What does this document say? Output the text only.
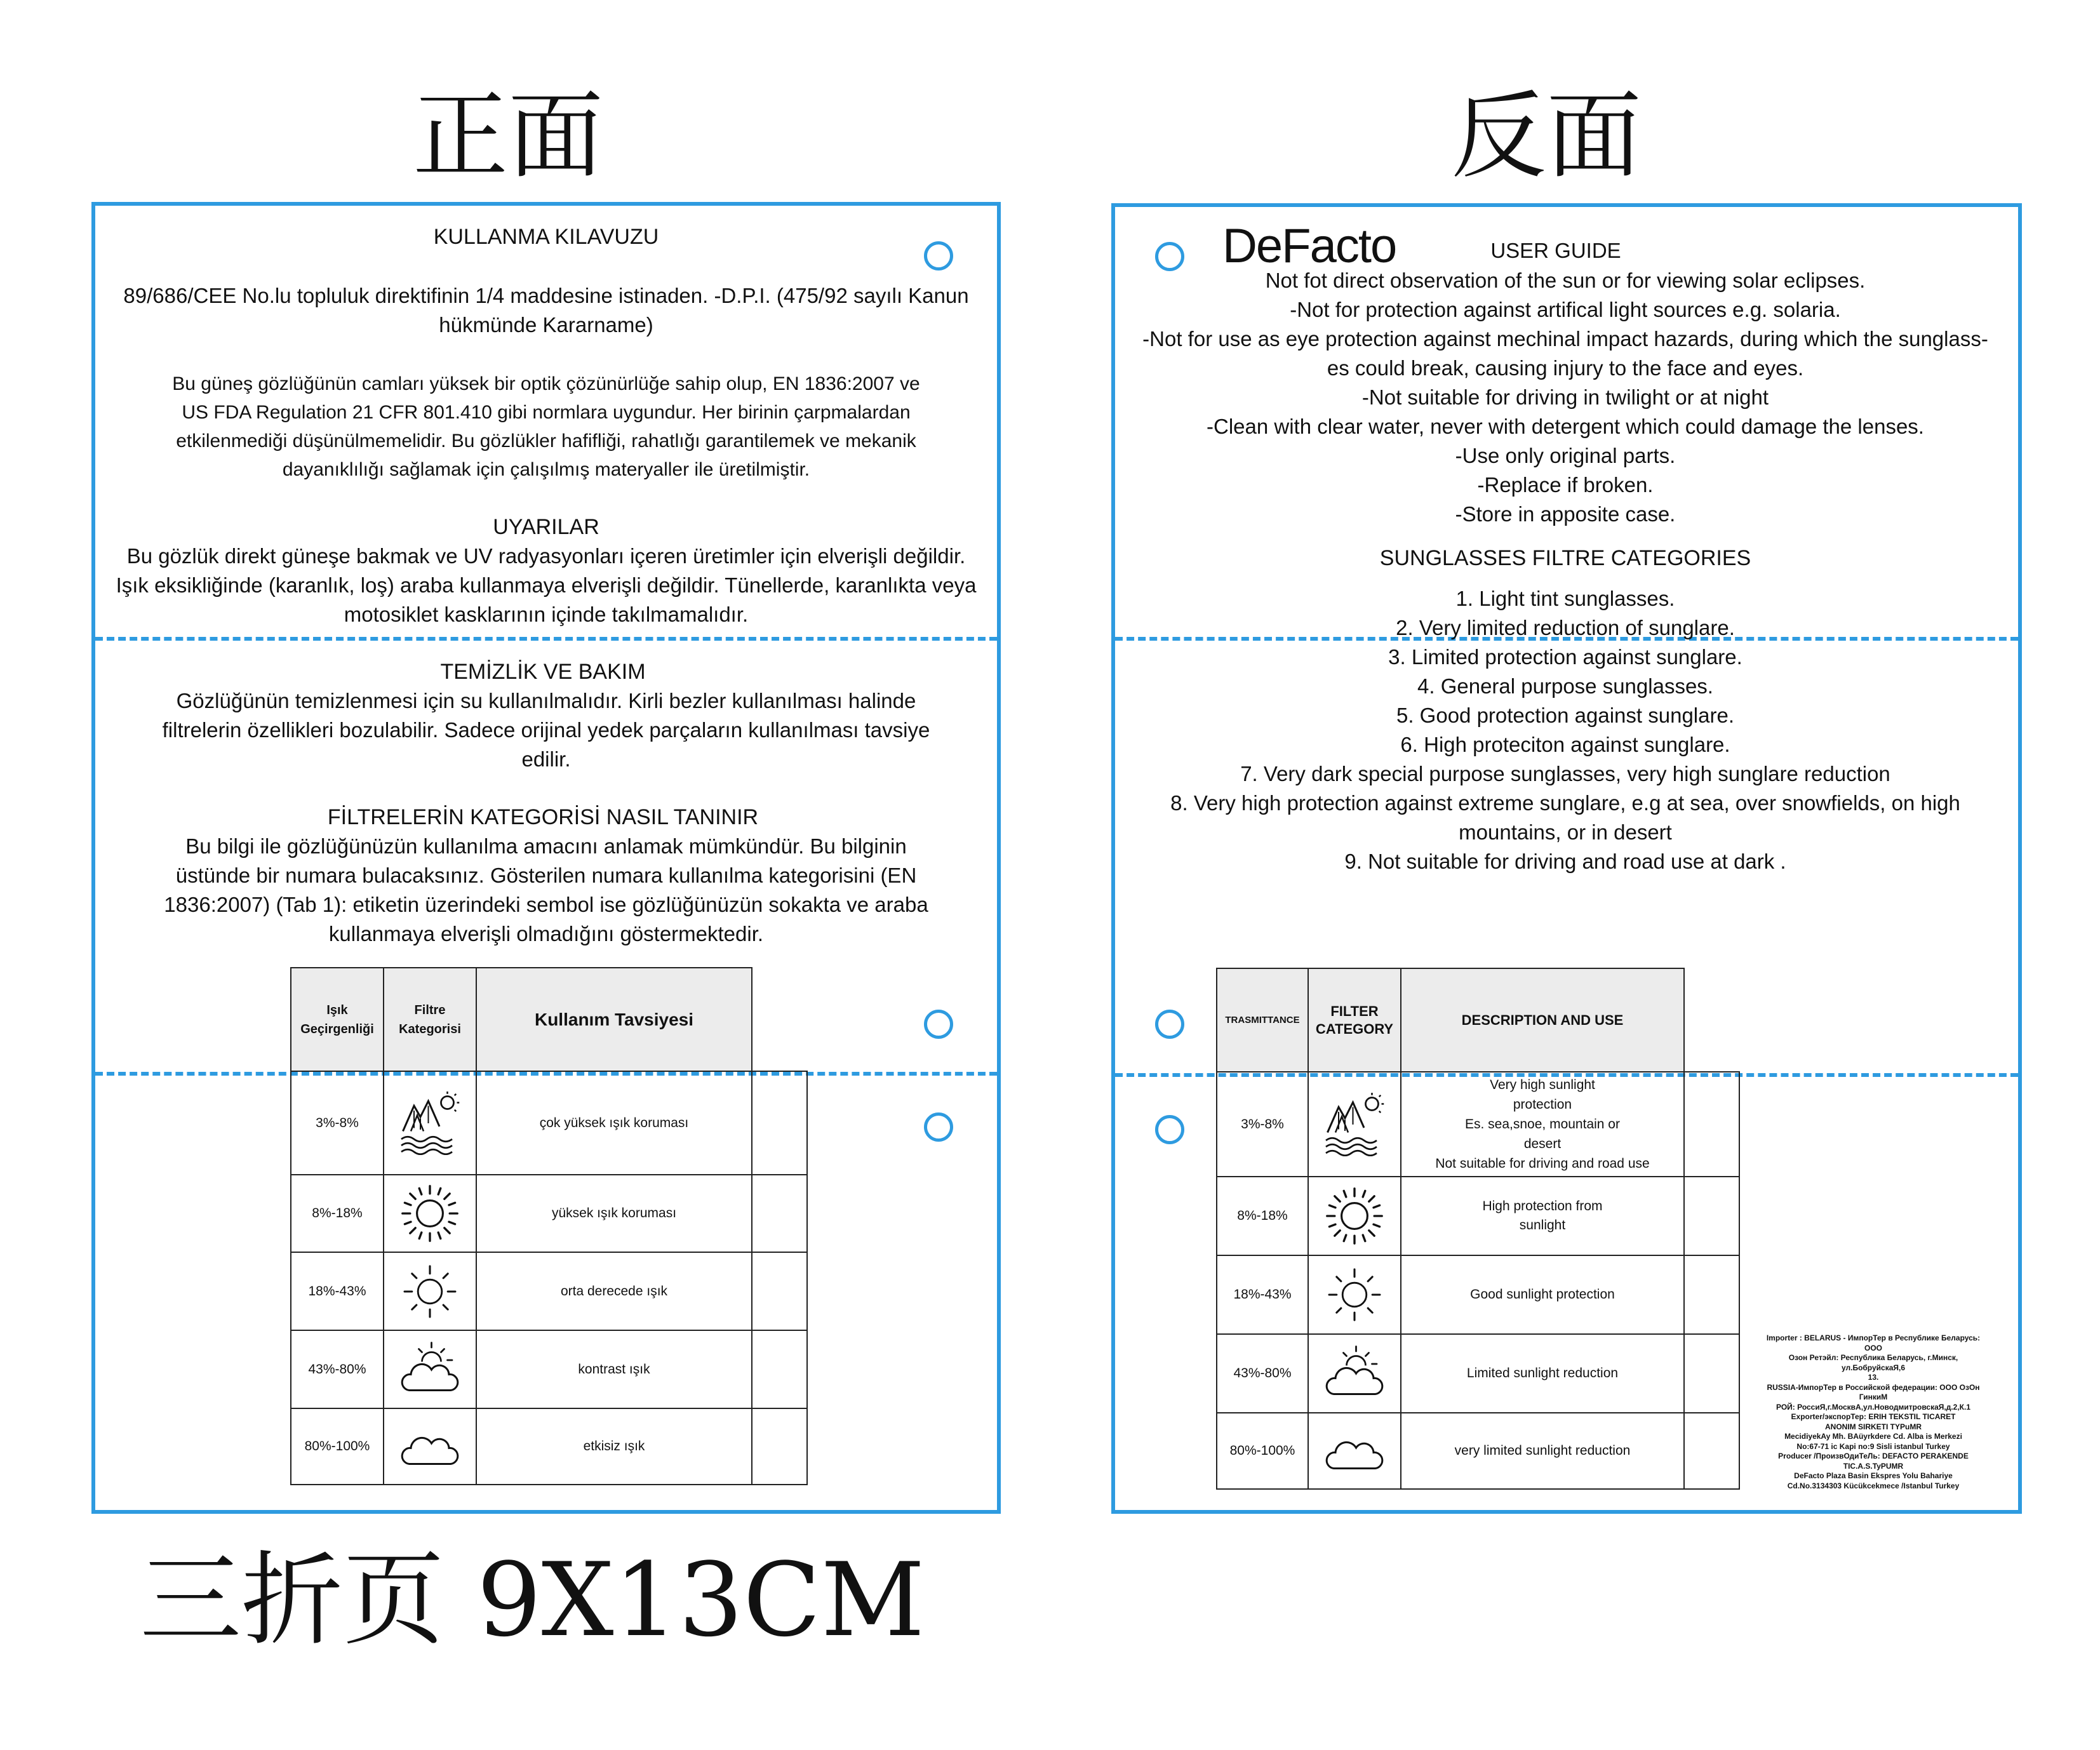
正面	反面
三折页 9X13CM
KULLANMA KILAVUZU
89/686/CEE No.lu topluluk direktifinin 1/4 maddesine istinaden. -D.P.I. (475/92 sayılı Kanun hükmünde Kararname)
Bu güneş gözlüğünün camları yüksek bir optik çözünürlüğe sahip olup, EN 1836:2007 ve US FDA Regulation 21 CFR 801.410 gibi normlara uygundur. Her birinin çarpmalardan etkilenmediği düşünülmemelidir. Bu gözlükler hafifliği, rahatlığı garantilemek ve mekanik dayanıklılığı sağlamak için çalışılmış materyaller ile üretilmiştir.
UYARILAR
Bu gözlük direkt güneşe bakmak ve UV radyasyonları içeren üretimler için elverişli değildir. Işık eksikliğinde (karanlık, loş) araba kullanmaya elverişli değildir. Tünellerde, karanlıkta veya motosiklet kasklarının içinde takılmamalıdır.
TEMİZLİK VE BAKIM
Gözlüğünün temizlenmesi için su kullanılmalıdır. Kirli bezler kullanılması halinde filtrelerin özellikleri bozulabilir. Sadece orijinal yedek parçaların kullanılması tavsiye edilir.
FİLTRELERİN KATEGORİSİ NASIL TANINIR
Bu bilgi ile gözlüğünüzün kullanılma amacını anlamak mümkündür. Bu bilginin üstünde bir numara bulacaksınız. Gösterilen numara kullanılma kategorisini (EN 1836:2007) (Tab 1): etiketin üzerindeki sembol ise gözlüğünüzün sokakta ve araba kullanmaya elverişli olmadığını göstermektedir.
Işık Geçirgenliği	Filtre Kategorisi	Kullanım Tavsiyesi	
3%-8%		çok yüksek ışık koruması	
8%-18%		yüksek ışık koruması	
18%-43%		orta derecede ışık	
43%-80%		kontrast ışık	
80%-100%		etkisiz ışık	
DeFacto	USER GUIDE
Not fot direct observation of the sun or for viewing solar eclipses.
-Not for protection against artifical light sources e.g. solaria.
-Not for use as eye protection against mechinal impact hazards, during which the sunglass-
es could break, causing injury to the face and eyes.
-Not suitable for driving in twilight or at night
-Clean with clear water, never with detergent which could damage the lenses.
-Use only original parts.
-Replace if broken.
-Store in apposite case.
SUNGLASSES FILTRE CATEGORIES
1. Light tint sunglasses.
2. Very limited reduction of sunglare.
3. Limited protection against sunglare.
4. General purpose sunglasses.
5. Good protection against sunglare.
6. High proteciton against sunglare.
7. Very dark special purpose sunglasses, very high sunglare reduction
8. Very high protection against extreme sunglare, e.g at sea, over snowfields, on high
mountains, or in desert
9. Not suitable for driving and road use at dark .
TRASMITTANCE	FILTER CATEGORY	DESCRIPTION AND USE	
3%-8%		Very high sunlight
protection
Es. sea,snoe, mountain or
desert
Not suitable for driving and road use	

8%-18%		High protection from
sunlight	

18%-43%		Good sunlight protection	

43%-80%		Limited sunlight reduction	

80%-100%		very limited sunlight reduction	

Importer : BELARUS - ИмпорТер в Республике Беларусь: ООО
Озон Ретэйл: Республика Беларусь, г.Минск, ул.БобруйскаЯ,6
13.
RUSSIA-ИмпорТер в Российской федерации: ООО ОзОн ГинкиМ
РОЙ: РоссиЯ,г.МосквА,ул.НоводмитровскаЯ,д.2,К.1
Exporter/экспорТер: ERIH TEKSTIL TICARET
ANONIM SIRKETI TYPuMR
MecidiyekAy Mh. BAüyrkdere Cd. Alba is Merkezi
No:67-71 ic Kapi no:9 Sisli istanbul Turkey
Producer /ПроизвОдиТеЛь: DEFACTO PERAKENDE
TIC.A.S.TyPUMR
DeFacto Plaza Basin Ekspres Yolu Bahariye
Cd.No.3134303 Kücükcekmece /Istanbul Turkey
